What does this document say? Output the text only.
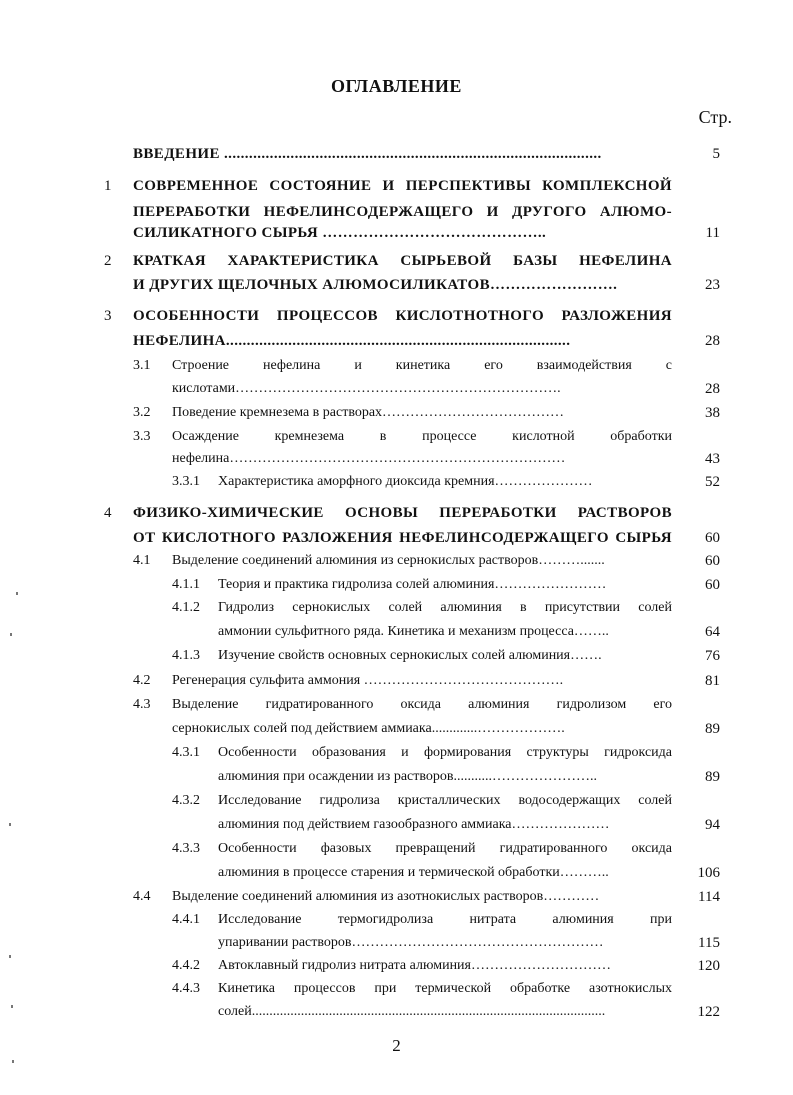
ОГЛАВЛЕНИЕ
Стр.
ВВЕДЕНИЕ ...........................................................................................	5
1 СОВРЕМЕННОЕ СОСТОЯНИЕ И ПЕРСПЕКТИВЫ КОМПЛЕКСНОЙ
ПЕРЕРАБОТКИ НЕФЕЛИНСОДЕРЖАЩЕГО И ДРУГОГО АЛЮМО-
СИЛИКАТНОГО СЫРЬЯ ……………………………………..	11
2 КРАТКАЯ ХАРАКТЕРИСТИКА СЫРЬЕВОЙ БАЗЫ НЕФЕЛИНА
И ДРУГИХ ЩЕЛОЧНЫХ АЛЮМОСИЛИКАТОВ…………………….	23
3 ОСОБЕННОСТИ ПРОЦЕССОВ КИСЛОТНОТНОГО РАЗЛОЖЕНИЯ
НЕФЕЛИНА...................................................................................	28
3.1 Строение нефелина и кинетика его взаимодействия с
кислотами…………………………………………………………….	28
3.2 Поведение кремнезема в растворах…………………………………	38
3.3 Осаждение кремнезема в процессе кислотной обработки
нефелина………………………………………………………………	43
3.3.1 Характеристика аморфного диоксида кремния…………………	52
4 ФИЗИКО-ХИМИЧЕСКИЕ ОСНОВЫ ПЕРЕРАБОТКИ РАСТВОРОВ
ОТ КИСЛОТНОГО РАЗЛОЖЕНИЯ НЕФЕЛИНСОДЕРЖАЩЕГО СЫРЬЯ	60
4.1 Выделение соединений алюминия из сернокислых растворов……….......	60
4.1.1 Теория и практика гидролиза солей алюминия……………………	60
4.1.2 Гидролиз сернокислых солей алюминия в присутствии солей
аммонии сульфитного ряда. Кинетика и механизм процесса……..	64
4.1.3 Изучение свойств основных сернокислых солей алюминия…….	76
4.2 Регенерация сульфита аммония …………………………………….	81
4.3 Выделение гидратированного оксида алюминия гидролизом его
сернокислых солей под действием аммиака.............……………….	89
4.3.1 Особенности образования и формирования структуры гидроксида
алюминия при осаждении из растворов...........…………………..	89
4.3.2 Исследование гидролиза кристаллических водосодержащих солей
алюминия под действием газообразного аммиака…………………	94
4.3.3 Особенности фазовых превращений гидратированного оксида
алюминия в процессе старения и термической обработки………..	106
4.4 Выделение соединений алюминия из азотнокислых растворов…………	114
4.4.1 Исследование термогидролиза нитрата алюминия при
упаривании растворов………………………………………………	115
4.4.2 Автоклавный гидролиз нитрата алюминия…………………………	120
4.4.3 Кинетика процессов при термической обработке азотнокислых
солей.....................................................................................................	122
2
